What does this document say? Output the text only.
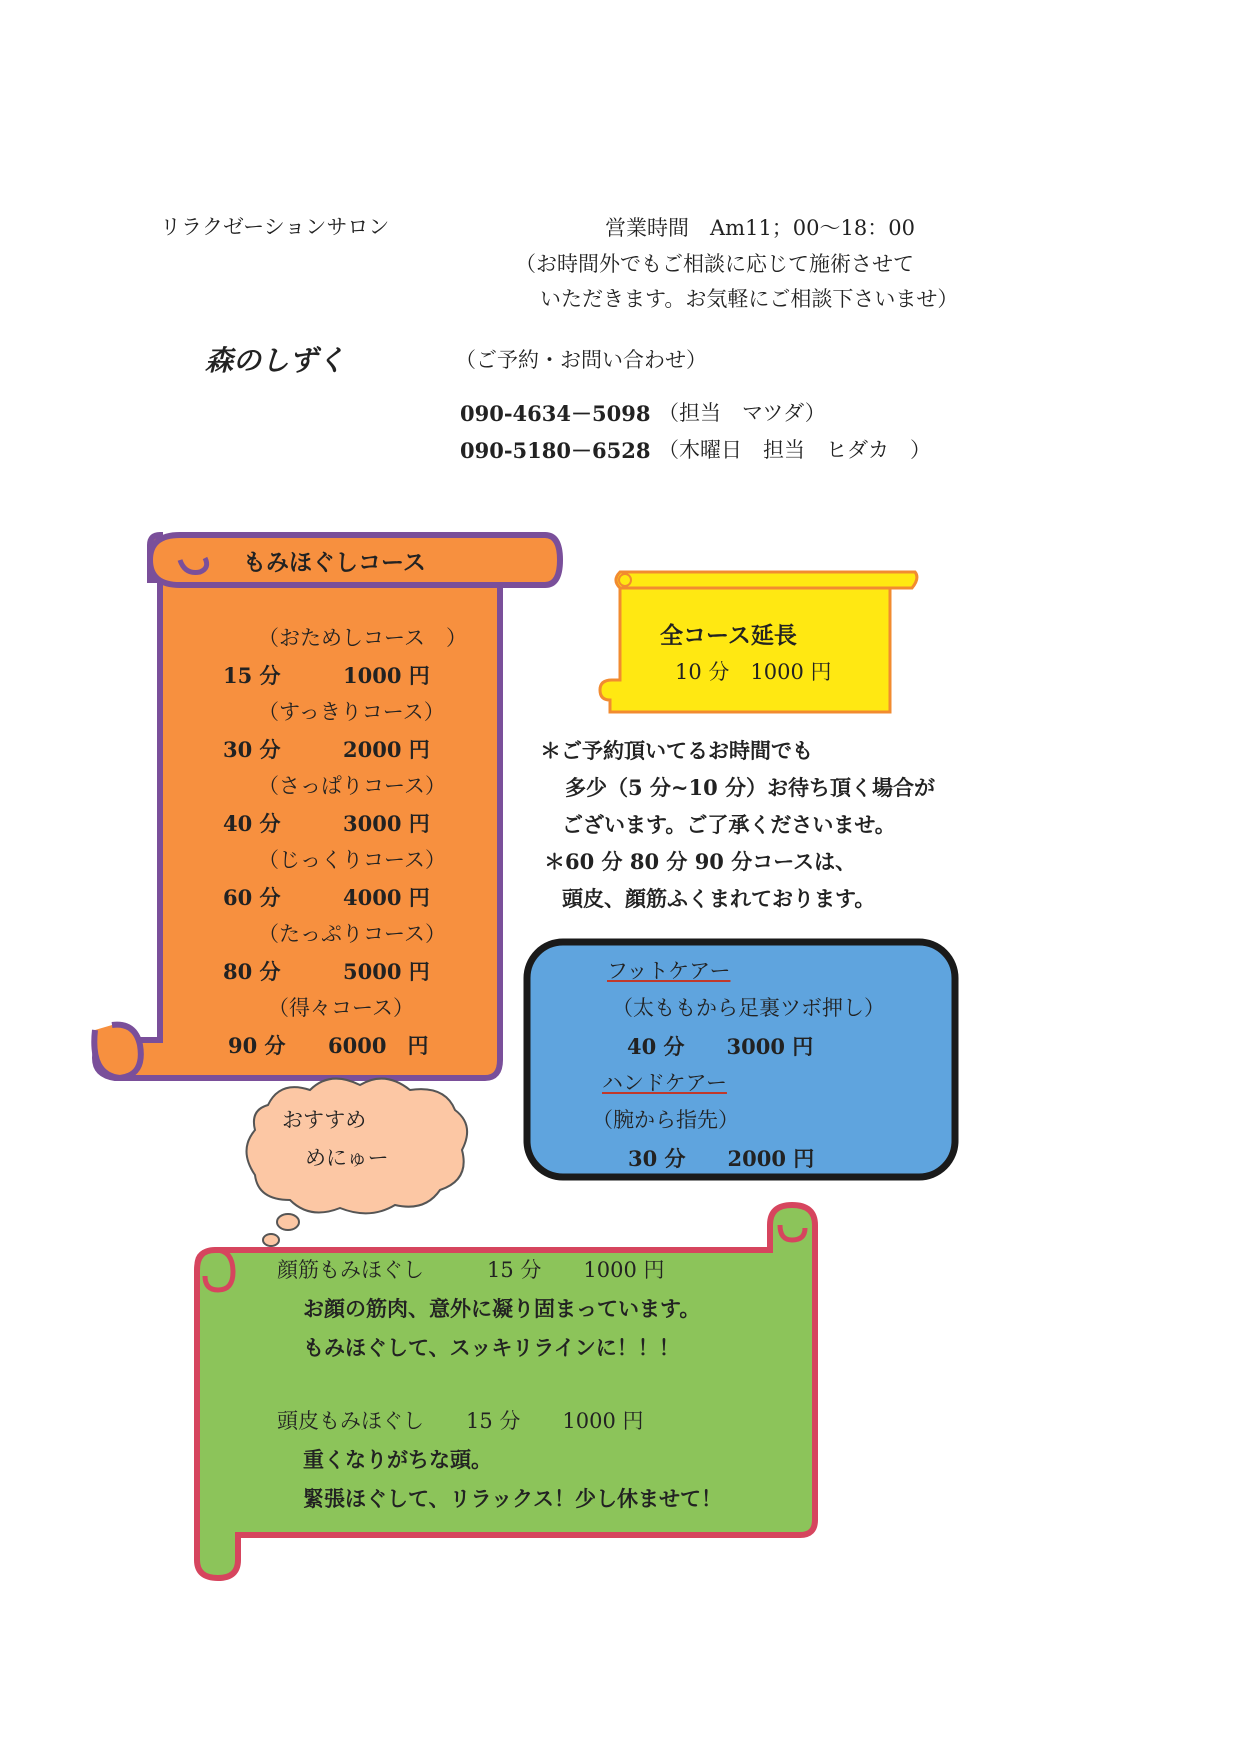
リラクゼーションサロン
森のしずく
営業時間　Am11；00〜18：00
（お時間外でもご相談に応じて施術させて
いただきます。お気軽にご相談下さいませ）
（ご予約・お問い合わせ）
090-4634－5098 （担当　マツダ）
090-5180－6528 （木曜日　担当　ヒダカ　）
もみほぐしコース
（おためしコース　）
15 分	1000 円
（すっきりコース）
30 分	2000 円
（さっぱりコース）
40 分	3000 円
（じっくりコース）
60 分	4000 円
（たっぷりコース）
80 分	5000 円
（得々コース）
90 分 6000　円
全コース延長
10 分　1000 円
＊ご予約頂いてるお時間でも
多少（5 分~10 分）お待ち頂く場合が
ございます。ご了承くださいませ。
＊60 分 80 分 90 分コースは、
頭皮、顔筋ふくまれております。
フットケアー
（太ももから足裏ツボ押し）
40 分　　3000 円
ハンドケアー
（腕から指先）
30 分　　2000 円
おすすめ
めにゅー
顔筋もみほぐし　　　15 分　　1000 円
お顔の筋肉、意外に凝り固まっています。
もみほぐして、スッキリラインに！！！
頭皮もみほぐし　　15 分　　1000 円
重くなりがちな頭。
緊張ほぐして、リラックス！少し休ませて！
